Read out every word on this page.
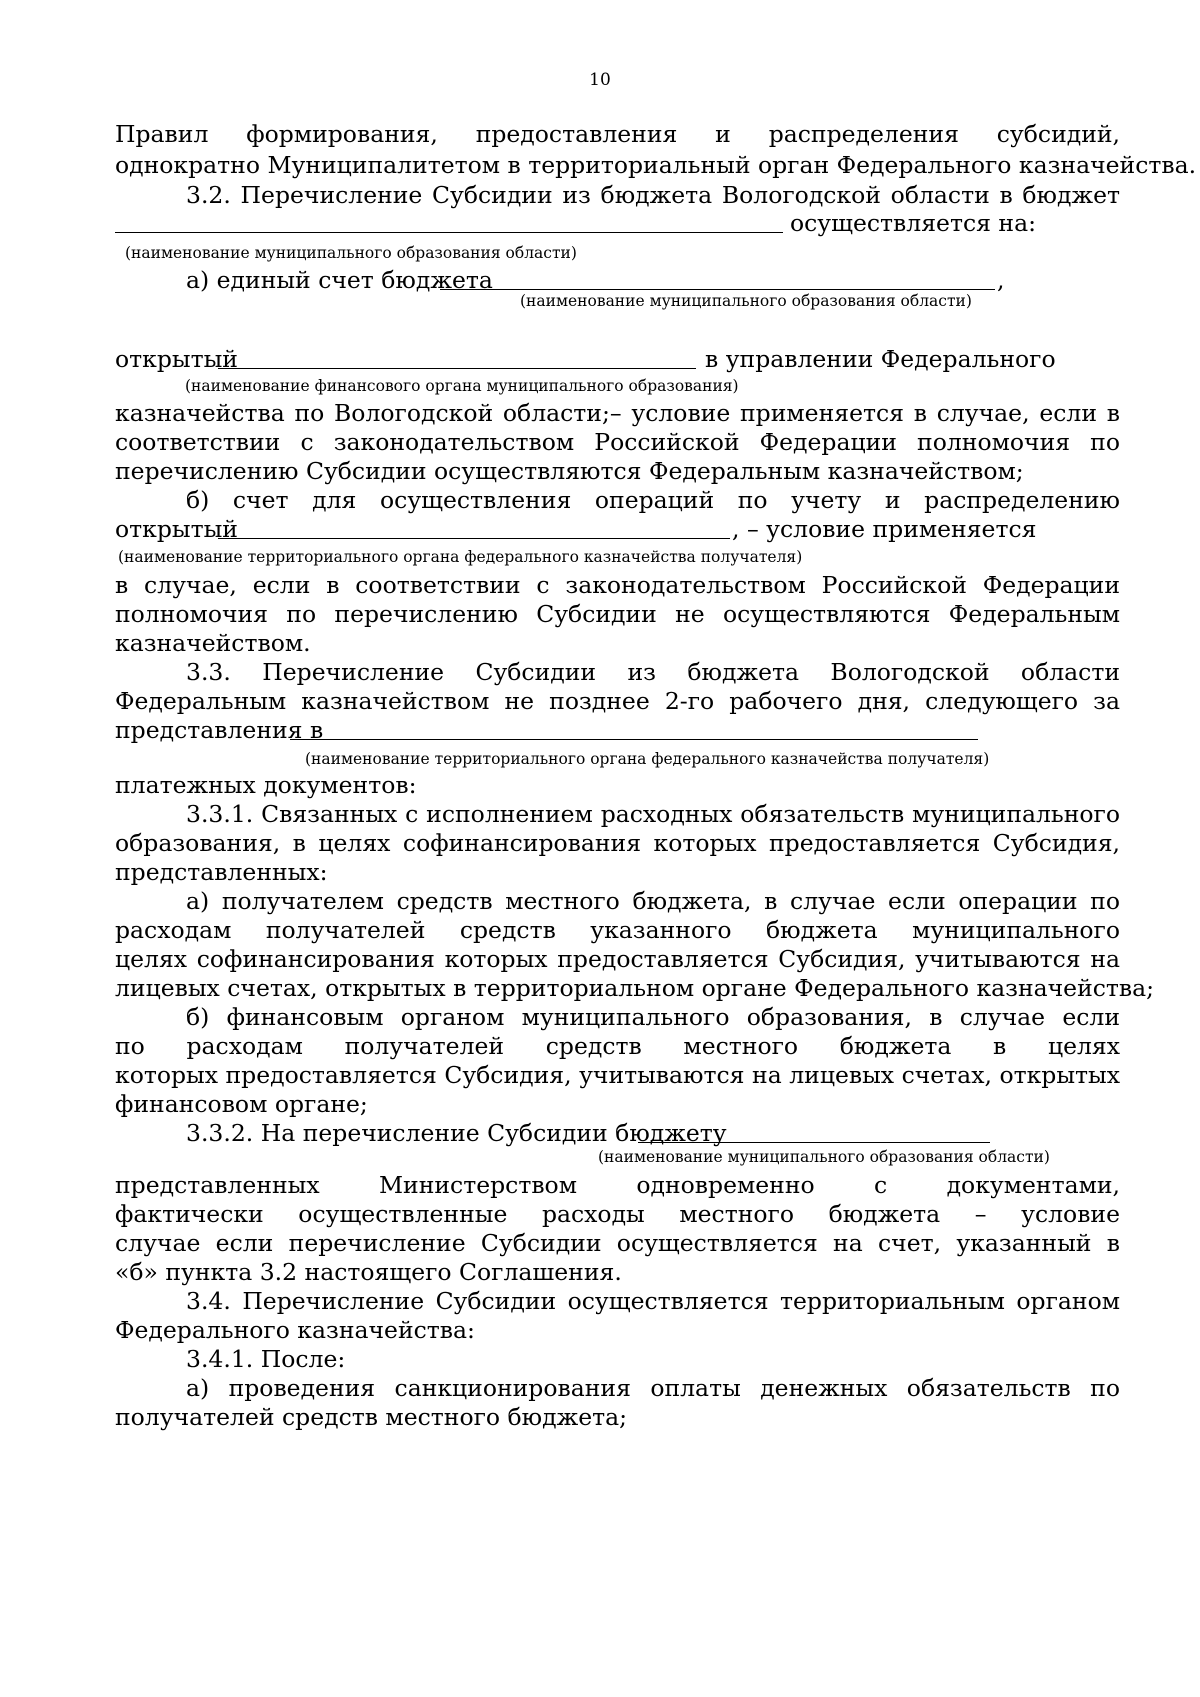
10
Правил формирования, предоставления и распределения субсидий,
однократно Муниципалитетом в территориальный орган Федерального казначейства.
3.2. Перечисление Субсидии из бюджета Вологодской области в бюджет
осуществляется на:
(наименование муниципального образования области)
а) единый счет бюджета	,
(наименование муниципального образования области)
открытый	в управлении Федерального
(наименование финансового органа муниципального образования)
казначейства по Вологодской области;– условие применяется в случае, если в
соответствии с законодательством Российской Федерации полномочия по
перечислению Субсидии осуществляются Федеральным казначейством;
б) счет для осуществления операций по учету и распределению
открытый	, – условие применяется
(наименование территориального органа федерального казначейства получателя)
в случае, если в соответствии с законодательством Российской Федерации
полномочия по перечислению Субсидии не осуществляются Федеральным
казначейством.
3.3. Перечисление Субсидии из бюджета Вологодской области
Федеральным казначейством не позднее 2-го рабочего дня, следующего за
представления в
(наименование территориального органа федерального казначейства получателя)
платежных документов:
3.3.1. Связанных с исполнением расходных обязательств муниципального
образования, в целях софинансирования которых предоставляется Субсидия,
представленных:
а) получателем средств местного бюджета, в случае если операции по
расходам получателей средств указанного бюджета муниципального
целях софинансирования которых предоставляется Субсидия, учитываются на
лицевых счетах, открытых в территориальном органе Федерального казначейства;
б) финансовым органом муниципального образования, в случае если
по расходам получателей средств местного бюджета в целях
которых предоставляется Субсидия, учитываются на лицевых счетах, открытых
финансовом органе;
3.3.2. На перечисление Субсидии бюджету
(наименование муниципального образования области)
представленных Министерством одновременно с документами,
фактически осуществленные расходы местного бюджета – условие
случае если перечисление Субсидии осуществляется на счет, указанный в
«б» пункта 3.2 настоящего Соглашения.
3.4. Перечисление Субсидии осуществляется территориальным органом
Федерального казначейства:
3.4.1. После:
а) проведения санкционирования оплаты денежных обязательств по
получателей средств местного бюджета;
